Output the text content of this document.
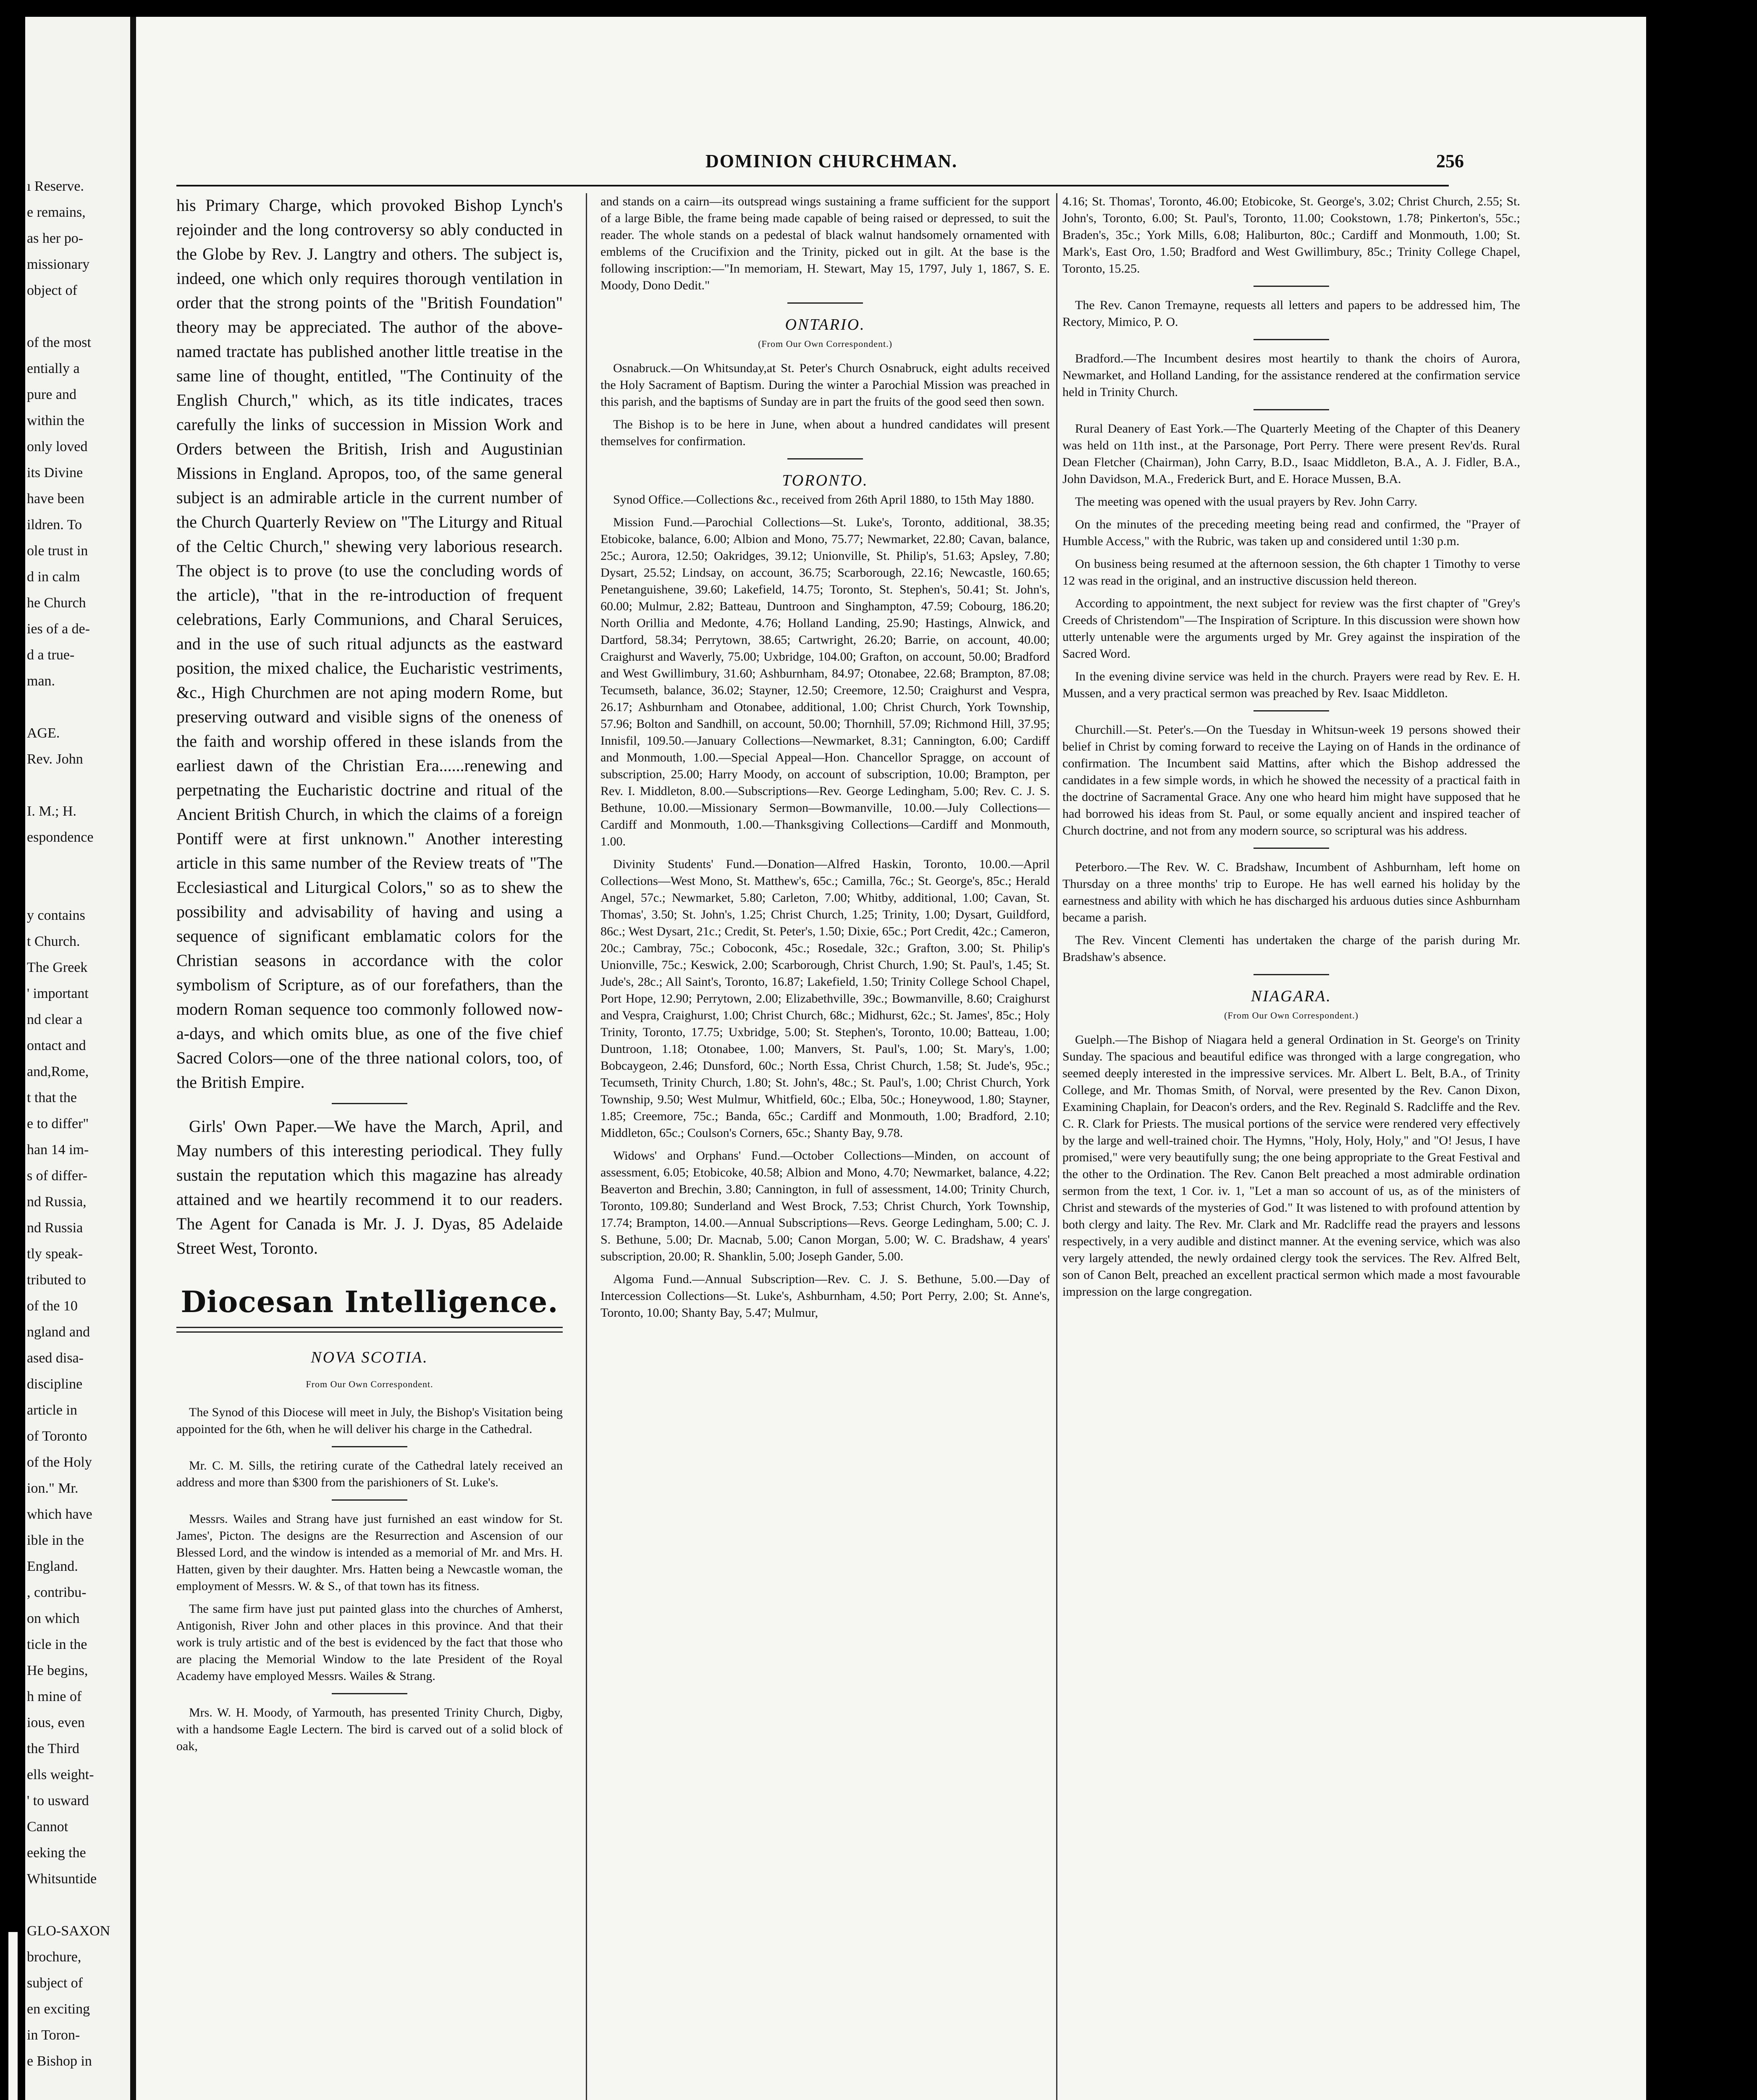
ı Reserve.
e remains,
as her po-
missionary
object of
of the most
entially a
pure and
within the
only loved
its Divine
have been
ildren. To
ole trust in
d in calm
he Church
ies of a de-
d a true-
man.
AGE.
Rev. John
I. M.; H.
espondence
y contains
t Church.
The Greek
' important
nd clear a
ontact and
and,Rome,
t that the
e to differ"
han 14 im-
s of differ-
nd Russia,
nd Russia
tly speak-
tributed to
of the 10
ngland and
ased disa-
discipline
article in
of Toronto
of the Holy
ion." Mr.
which have
ible in the
England.
, contribu-
on which
ticle in the
He begins,
h mine of
ious, even
the Third
ells weight-
' to usward
Cannot
eeking the
Whitsuntide
GLO-SAXON
brochure,
subject of
en exciting
in Toron-
e Bishop in
DOMINION CHURCHMAN.	256

his Primary Charge, which provoked Bishop Lynch's rejoinder and the long controversy so ably conducted in the Globe by Rev. J. Langtry and others. The subject is, indeed, one which only requires thorough ventilation in order that the strong points of the "British Foundation" theory may be appreciated. The author of the above-named tractate has published another little treatise in the same line of thought, entitled, "The Continuity of the English Church," which, as its title indicates, traces carefully the links of succession in Mission Work and Orders between the British, Irish and Augustinian Missions in England. Apropos, too, of the same general subject is an admirable article in the current number of the Church Quarterly Review on "The Liturgy and Ritual of the Celtic Church," shewing very laborious research. The object is to prove (to use the concluding words of the article), "that in the re-introduction of frequent celebrations, Early Communions, and Charal Seruices, and in the use of such ritual adjuncts as the eastward position, the mixed chalice, the Eucharistic vestriments, &c., High Churchmen are not aping modern Rome, but preserving outward and visible signs of the oneness of the faith and worship offered in these islands from the earliest dawn of the Christian Era......renewing and perpetnating the Eucharistic doctrine and ritual of the Ancient British Church, in which the claims of a foreign Pontiff were at first unknown." Another interesting article in this same number of the Review treats of "The Ecclesiastical and Liturgical Colors," so as to shew the possibility and advisability of having and using a sequence of significant emblamatic colors for the Christian seasons in accordance with the color symbolism of Scripture, as of our forefathers, than the modern Roman sequence too commonly followed now-a-days, and which omits blue, as one of the five chief Sacred Colors—one of the three national colors, too, of the British Empire.

Girls' Own Paper.—We have the March, April, and May numbers of this interesting periodical. They fully sustain the reputation which this magazine has already attained and we heartily recommend it to our readers. The Agent for Canada is Mr. J. J. Dyas, 85 Adelaide Street West, Toronto.

Diocesan Intelligence.
NOVA SCOTIA.
From Our Own Correspondent.

The Synod of this Diocese will meet in July, the Bishop's Visitation being appointed for the 6th, when he will deliver his charge in the Cathedral.

Mr. C. M. Sills, the retiring curate of the Cathedral lately received an address and more than $300 from the parishioners of St. Luke's.

Messrs. Wailes and Strang have just furnished an east window for St. James', Picton. The designs are the Resurrection and Ascension of our Blessed Lord, and the window is intended as a memorial of Mr. and Mrs. H. Hatten, given by their daughter. Mrs. Hatten being a Newcastle woman, the employment of Messrs. W. & S., of that town has its fitness.

The same firm have just put painted glass into the churches of Amherst, Antigonish, River John and other places in this province. And that their work is truly artistic and of the best is evidenced by the fact that those who are placing the Memorial Window to the late President of the Royal Academy have employed Messrs. Wailes & Strang.

Mrs. W. H. Moody, of Yarmouth, has presented Trinity Church, Digby, with a handsome Eagle Lectern. The bird is carved out of a solid block of oak,

and stands on a cairn—its outspread wings sustaining a frame sufficient for the support of a large Bible, the frame being made capable of being raised or depressed, to suit the reader. The whole stands on a pedestal of black walnut handsomely ornamented with emblems of the Crucifixion and the Trinity, picked out in gilt. At the base is the following inscription:—"In memoriam, H. Stewart, May 15, 1797, July 1, 1867, S. E. Moody, Dono Dedit."

ONTARIO.
(From Our Own Correspondent.)

Osnabruck.—On Whitsunday,at St. Peter's Church Osnabruck, eight adults received the Holy Sacrament of Baptism. During the winter a Parochial Mission was preached in this parish, and the baptisms of Sunday are in part the fruits of the good seed then sown.

The Bishop is to be here in June, when about a hundred candidates will present themselves for confirmation.

TORONTO.

Synod Office.—Collections &c., received from 26th April 1880, to 15th May 1880.

Mission Fund.—Parochial Collections—St. Luke's, Toronto, additional, 38.35; Etobicoke, balance, 6.00; Albion and Mono, 75.77; Newmarket, 22.80; Cavan, balance, 25c.; Aurora, 12.50; Oakridges, 39.12; Unionville, St. Philip's, 51.63; Apsley, 7.80; Dysart, 25.52; Lindsay, on account, 36.75; Scarborough, 22.16; Newcastle, 160.65; Penetanguishene, 39.60; Lakefield, 14.75; Toronto, St. Stephen's, 50.41; St. John's, 60.00; Mulmur, 2.82; Batteau, Duntroon and Singhampton, 47.59; Cobourg, 186.20; North Orillia and Medonte, 4.76; Holland Landing, 25.90; Hastings, Alnwick, and Dartford, 58.34; Perrytown, 38.65; Cartwright, 26.20; Barrie, on account, 40.00; Craighurst and Waverly, 75.00; Uxbridge, 104.00; Grafton, on account, 50.00; Bradford and West Gwillimbury, 31.60; Ashburnham, 84.97; Otonabee, 22.68; Brampton, 87.08; Tecumseth, balance, 36.02; Stayner, 12.50; Creemore, 12.50; Craighurst and Vespra, 26.17; Ashburnham and Otonabee, additional, 1.00; Christ Church, York Township, 57.96; Bolton and Sandhill, on account, 50.00; Thornhill, 57.09; Richmond Hill, 37.95; Innisfil, 109.50.—January Collections—Newmarket, 8.31; Cannington, 6.00; Cardiff and Monmouth, 1.00.—Special Appeal—Hon. Chancellor Spragge, on account of subscription, 25.00; Harry Moody, on account of subscription, 10.00; Brampton, per Rev. I. Middleton, 8.00.—Subscriptions—Rev. George Ledingham, 5.00; Rev. C. J. S. Bethune, 10.00.—Missionary Sermon—Bowmanville, 10.00.—July Collections—Cardiff and Monmouth, 1.00.—Thanksgiving Collections—Cardiff and Monmouth, 1.00.

Divinity Students' Fund.—Donation—Alfred Haskin, Toronto, 10.00.—April Collections—West Mono, St. Matthew's, 65c.; Camilla, 76c.; St. George's, 85c.; Herald Angel, 57c.; Newmarket, 5.80; Carleton, 7.00; Whitby, additional, 1.00; Cavan, St. Thomas', 3.50; St. John's, 1.25; Christ Church, 1.25; Trinity, 1.00; Dysart, Guildford, 86c.; West Dysart, 21c.; Credit, St. Peter's, 1.50; Dixie, 65c.; Port Credit, 42c.; Cameron, 20c.; Cambray, 75c.; Coboconk, 45c.; Rosedale, 32c.; Grafton, 3.00; St. Philip's Unionville, 75c.; Keswick, 2.00; Scarborough, Christ Church, 1.90; St. Paul's, 1.45; St. Jude's, 28c.; All Saint's, Toronto, 16.87; Lakefield, 1.50; Trinity College School Chapel, Port Hope, 12.90; Perrytown, 2.00; Elizabethville, 39c.; Bowmanville, 8.60; Craighurst and Vespra, Craighurst, 1.00; Christ Church, 68c.; Midhurst, 62c.; St. James', 85c.; Holy Trinity, Toronto, 17.75; Uxbridge, 5.00; St. Stephen's, Toronto, 10.00; Batteau, 1.00; Duntroon, 1.18; Otonabee, 1.00; Manvers, St. Paul's, 1.00; St. Mary's, 1.00; Bobcaygeon, 2.46; Dunsford, 60c.; North Essa, Christ Church, 1.58; St. Jude's, 95c.; Tecumseth, Trinity Church, 1.80; St. John's, 48c.; St. Paul's, 1.00; Christ Church, York Township, 9.50; West Mulmur, Whitfield, 60c.; Elba, 50c.; Honeywood, 1.80; Stayner, 1.85; Creemore, 75c.; Banda, 65c.; Cardiff and Monmouth, 1.00; Bradford, 2.10; Middleton, 65c.; Coulson's Corners, 65c.; Shanty Bay, 9.78.

Widows' and Orphans' Fund.—October Collections—Minden, on account of assessment, 6.05; Etobicoke, 40.58; Albion and Mono, 4.70; Newmarket, balance, 4.22; Beaverton and Brechin, 3.80; Cannington, in full of assessment, 14.00; Trinity Church, Toronto, 109.80; Sunderland and West Brock, 7.53; Christ Church, York Township, 17.74; Brampton, 14.00.—Annual Subscriptions—Revs. George Ledingham, 5.00; C. J. S. Bethune, 5.00; Dr. Macnab, 5.00; Canon Morgan, 5.00; W. C. Bradshaw, 4 years' subscription, 20.00; R. Shanklin, 5.00; Joseph Gander, 5.00.

Algoma Fund.—Annual Subscription—Rev. C. J. S. Bethune, 5.00.—Day of Intercession Collections—St. Luke's, Ashburnham, 4.50; Port Perry, 2.00; St. Anne's, Toronto, 10.00; Shanty Bay, 5.47; Mulmur,

4.16; St. Thomas', Toronto, 46.00; Etobicoke, St. George's, 3.02; Christ Church, 2.55; St. John's, Toronto, 6.00; St. Paul's, Toronto, 11.00; Cookstown, 1.78; Pinkerton's, 55c.; Braden's, 35c.; York Mills, 6.08; Haliburton, 80c.; Cardiff and Monmouth, 1.00; St. Mark's, East Oro, 1.50; Bradford and West Gwillimbury, 85c.; Trinity College Chapel, Toronto, 15.25.

The Rev. Canon Tremayne, requests all letters and papers to be addressed him, The Rectory, Mimico, P. O.

Bradford.—The Incumbent desires most heartily to thank the choirs of Aurora, Newmarket, and Holland Landing, for the assistance rendered at the confirmation service held in Trinity Church.

Rural Deanery of East York.—The Quarterly Meeting of the Chapter of this Deanery was held on 11th inst., at the Parsonage, Port Perry. There were present Rev'ds. Rural Dean Fletcher (Chairman), John Carry, B.D., Isaac Middleton, B.A., A. J. Fidler, B.A., John Davidson, M.A., Frederick Burt, and E. Horace Mussen, B.A.

The meeting was opened with the usual prayers by Rev. John Carry.

On the minutes of the preceding meeting being read and confirmed, the "Prayer of Humble Access," with the Rubric, was taken up and considered until 1:30 p.m.

On business being resumed at the afternoon session, the 6th chapter 1 Timothy to verse 12 was read in the original, and an instructive discussion held thereon.

According to appointment, the next subject for review was the first chapter of "Grey's Creeds of Christendom"—The Inspiration of Scripture. In this discussion were shown how utterly untenable were the arguments urged by Mr. Grey against the inspiration of the Sacred Word.

In the evening divine service was held in the church. Prayers were read by Rev. E. H. Mussen, and a very practical sermon was preached by Rev. Isaac Middleton.

Churchill.—St. Peter's.—On the Tuesday in Whitsun-week 19 persons showed their belief in Christ by coming forward to receive the Laying on of Hands in the ordinance of confirmation. The Incumbent said Mattins, after which the Bishop addressed the candidates in a few simple words, in which he showed the necessity of a practical faith in the doctrine of Sacramental Grace. Any one who heard him might have supposed that he had borrowed his ideas from St. Paul, or some equally ancient and inspired teacher of Church doctrine, and not from any modern source, so scriptural was his address.

Peterboro.—The Rev. W. C. Bradshaw, Incumbent of Ashburnham, left home on Thursday on a three months' trip to Europe. He has well earned his holiday by the earnestness and ability with which he has discharged his arduous duties since Ashburnham became a parish.

The Rev. Vincent Clementi has undertaken the charge of the parish during Mr. Bradshaw's absence.

NIAGARA.
(From Our Own Correspondent.)

Guelph.—The Bishop of Niagara held a general Ordination in St. George's on Trinity Sunday. The spacious and beautiful edifice was thronged with a large congregation, who seemed deeply interested in the impressive services. Mr. Albert L. Belt, B.A., of Trinity College, and Mr. Thomas Smith, of Norval, were presented by the Rev. Canon Dixon, Examining Chaplain, for Deacon's orders, and the Rev. Reginald S. Radcliffe and the Rev. C. R. Clark for Priests. The musical portions of the service were rendered very effectively by the large and well-trained choir. The Hymns, "Holy, Holy, Holy," and "O! Jesus, I have promised," were very beautifully sung; the one being appropriate to the Great Festival and the other to the Ordination. The Rev. Canon Belt preached a most admirable ordination sermon from the text, 1 Cor. iv. 1, "Let a man so account of us, as of the ministers of Christ and stewards of the mysteries of God." It was listened to with profound attention by both clergy and laity. The Rev. Mr. Clark and Mr. Radcliffe read the prayers and lessons respectively, in a very audible and distinct manner. At the evening service, which was also very largely attended, the newly ordained clergy took the services. The Rev. Alfred Belt, son of Canon Belt, preached an excellent practical sermon which made a most favourable impression on the large congregation.
